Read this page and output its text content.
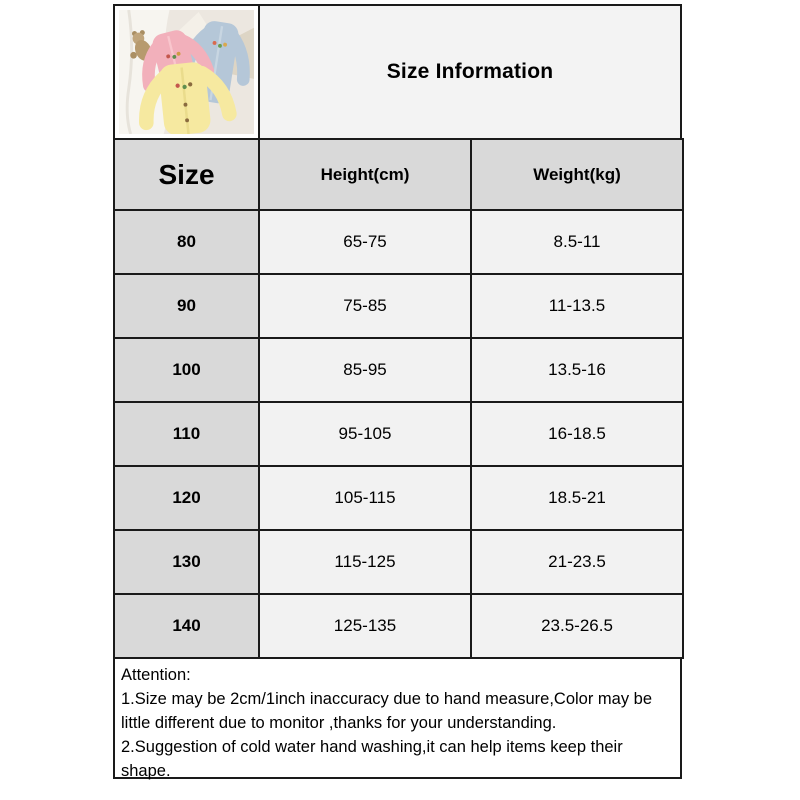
Size Information
Size	Height(cm)	Weight(kg)
80	65-75	8.5-11
90	75-85	11-13.5
100	85-95	13.5-16
110	95-105	16-18.5
120	105-115	18.5-21
130	115-125	21-23.5
140	125-135	23.5-26.5
Attention:
1.Size may be 2cm/1inch inaccuracy due to hand measure,Color may be little different due to monitor ,thanks for your understanding.
2.Suggestion of cold water hand washing,it can help items keep their shape.
